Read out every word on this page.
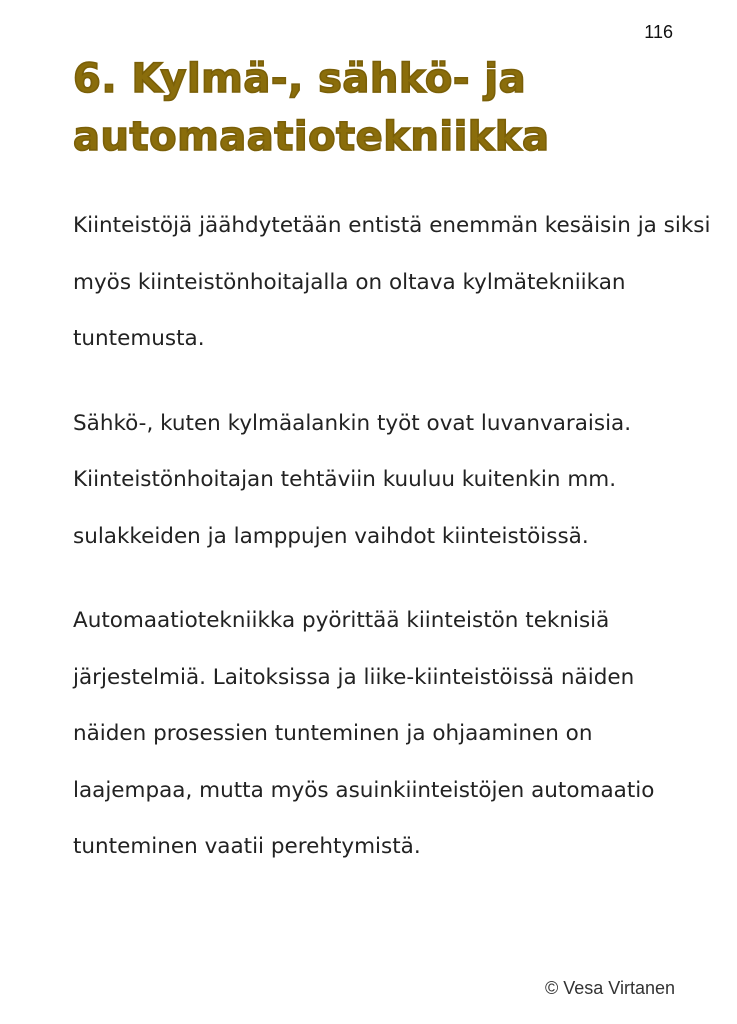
116
6. Kylmä-, sähkö- ja automaatiotekniikka

Kiinteistöjä jäähdytetään entistä enemmän kesäisin ja siksi myös kiinteistönhoitajalla on oltava kylmätekniikan tuntemusta.

Sähkö-, kuten kylmäalankin työt ovat luvanvaraisia. Kiinteistönhoitajan tehtäviin kuuluu kuitenkin mm. sulakkeiden ja lamppujen vaihdot kiinteistöissä.

Automaatiotekniikka pyörittää kiinteistön teknisiä järjestelmiä. Laitoksissa ja liike-kiinteistöissä näiden näiden prosessien tunteminen ja ohjaaminen on laajempaa, mutta myös asuinkiinteistöjen automaatio tunteminen vaatii perehtymistä.

© Vesa Virtanen
